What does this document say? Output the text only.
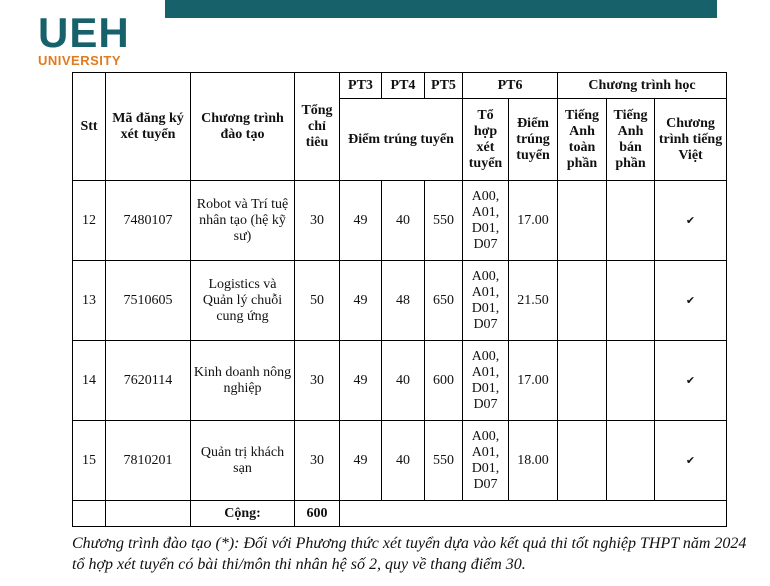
UEH
UNIVERSITY
Stt	Mã đăng ký xét tuyển	Chương trình đào tạo	Tổng chỉ tiêu	PT3	PT4	PT5	PT6		Chương trình học		
				Điểm trúng tuyển			Tổ hợp xét tuyển	Điểm trúng tuyển	Tiếng Anh toàn phần	Tiếng Anh bán phần	Chương trình tiếng Việt
12	7480107	Robot và Trí tuệ nhân tạo (hệ kỹ sư)	30	49	40	550	A00, A01, D01, D07	17.00			✔
13	7510605	Logistics và Quản lý chuỗi cung ứng	50	49	48	650	A00, A01, D01, D07	21.50			✔
14	7620114	Kinh doanh nông nghiệp	30	49	40	600	A00, A01, D01, D07	17.00			✔
15	7810201	Quản trị khách sạn	30	49	40	550	A00, A01, D01, D07	18.00			✔
		Cộng:	600								
Chương trình đào tạo (*): Đối với Phương thức xét tuyển dựa vào kết quả thi tốt nghiệp THPT năm 2024 tổ hợp xét tuyển có bài thi/môn thi nhân hệ số 2, quy về thang điểm 30.
